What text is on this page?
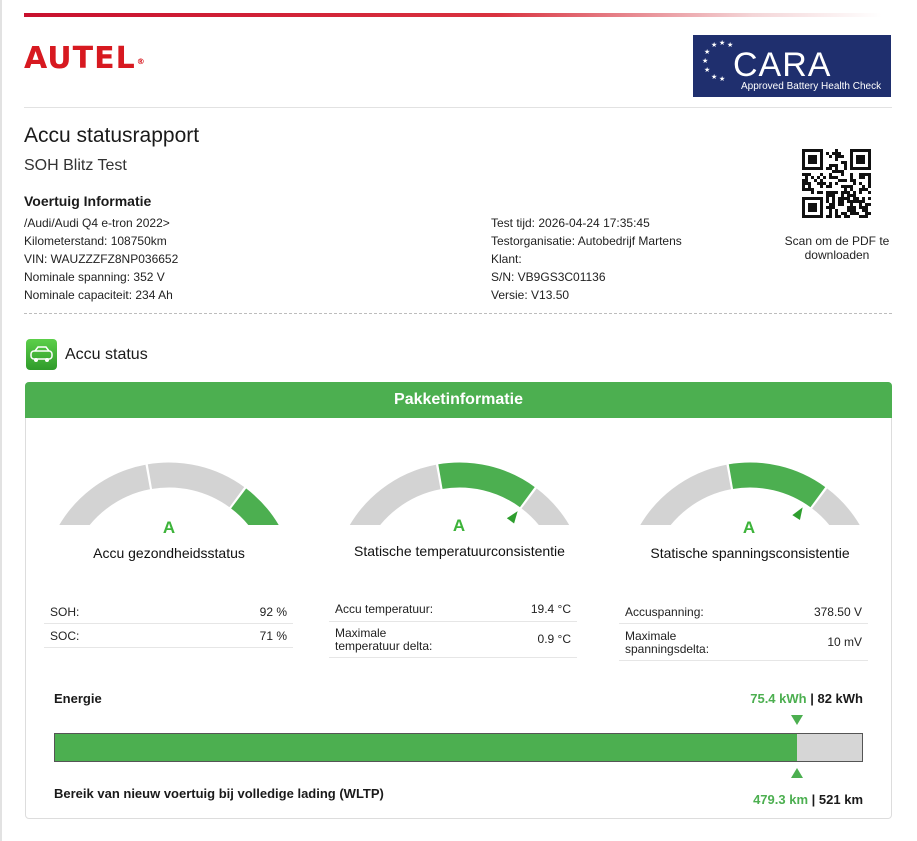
AUTEL®
★ ★ ★
★
★
★
★ ★ CARA
Approved Battery Health Check
Accu statusrapport
SOH Blitz Test
Voertuig Informatie
/Audi/Audi Q4 e-tron 2022>
Kilometerstand: 108750km
VIN: WAUZZZFZ8NP036652
Nominale spanning: 352 V
Nominale capaciteit: 234 Ah
Test tijd: 2026-04-24 17:35:45
Testorganisatie: Autobedrijf Martens
Klant:
S/N: VB9GS3C01136
Versie: V13.50
Scan om de PDF te downloaden
Accu status
Pakketinformatie
A	A	A
Accu gezondheidsstatus	Statische temperatuurconsistentie	Statische spanningsconsistentie
SOH:	92 %
SOC:	71 %
Accu temperatuur:	19.4 °C
Maximale
temperatuur delta:	0.9 °C
Accuspanning:	378.50 V
Maximale
spanningsdelta:	10 mV
Energie	75.4 kWh | 82 kWh
Bereik van nieuw voertuig bij volledige lading (WLTP)	479.3 km | 521 km
